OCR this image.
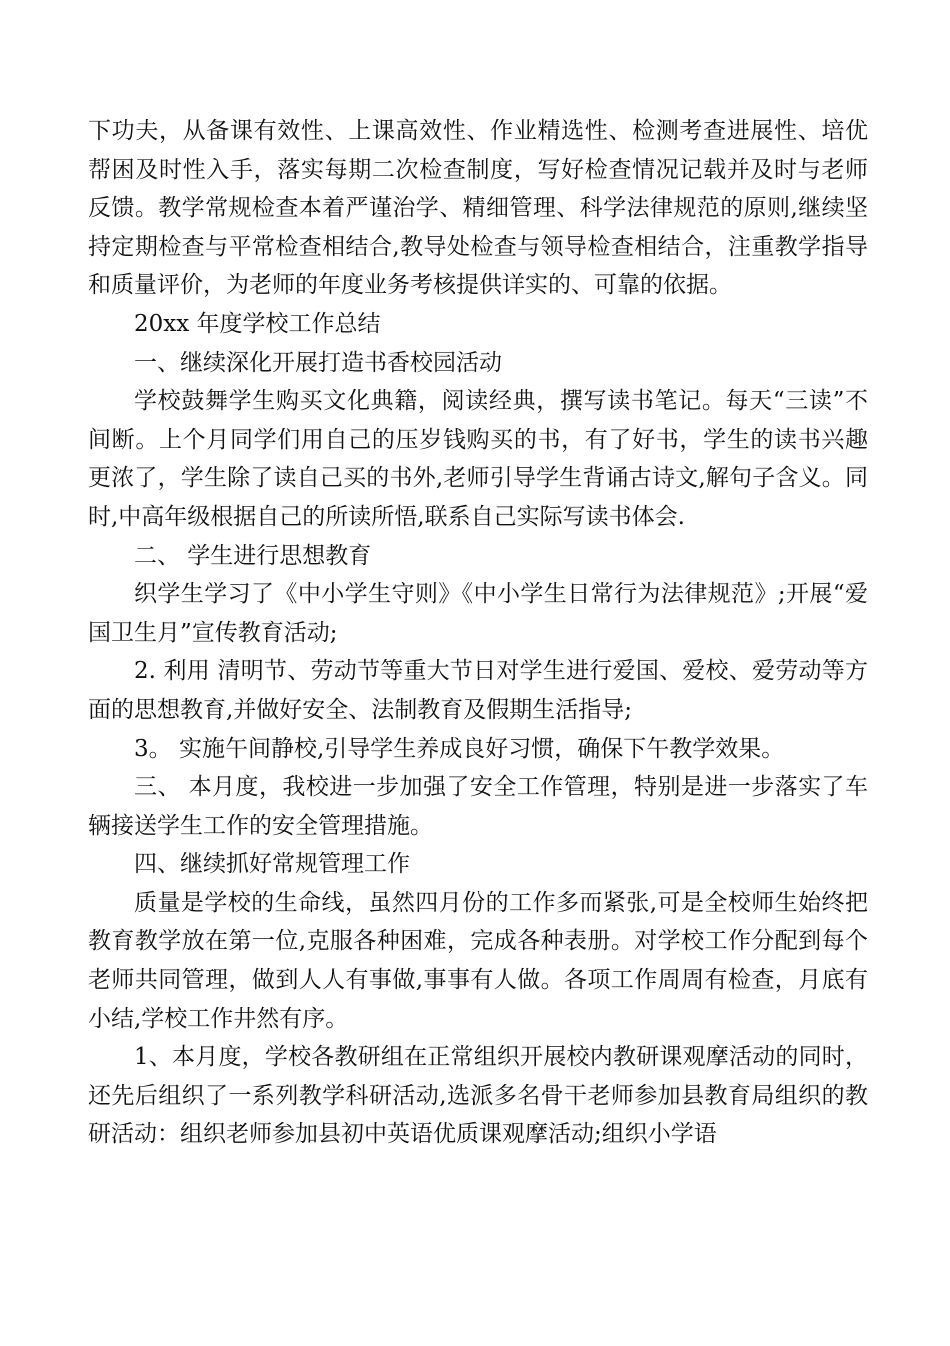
下功夫，从备课有效性、上课高效性、作业精选性、检测考查进展性、培优帮困及时性入手，落实每期二次检查制度，写好检查情况记载并及时与老师反馈。教学常规检查本着严谨治学、精细管理、科学法律规范的原则,继续坚持定期检查与平常检查相结合,教导处检查与领导检查相结合，注重教学指导和质量评价，为老师的年度业务考核提供详实的、可靠的依据。

20xx 年度学校工作总结

一、继续深化开展打造书香校园活动

学校鼓舞学生购买文化典籍，阅读经典，撰写读书笔记。每天“三读”不间断。上个月同学们用自己的压岁钱购买的书，有了好书，学生的读书兴趣更浓了，学生除了读自己买的书外,老师引导学生背诵古诗文,解句子含义。同时,中高年级根据自己的所读所悟,联系自己实际写读书体会.

二、 学生进行思想教育

织学生学习了《中小学生守则》《中小学生日常行为法律规范》;开展“爱国卫生月”宣传教育活动;

2. 利用 清明节、劳动节等重大节日对学生进行爱国、爱校、爱劳动等方面的思想教育,并做好安全、法制教育及假期生活指导;

3。 实施午间静校,引导学生养成良好习惯，确保下午教学效果。

三、 本月度，我校进一步加强了安全工作管理，特别是进一步落实了车辆接送学生工作的安全管理措施。

四、继续抓好常规管理工作

质量是学校的生命线，虽然四月份的工作多而紧张,可是全校师生始终把教育教学放在第一位,克服各种困难，完成各种表册。对学校工作分配到每个老师共同管理，做到人人有事做,事事有人做。各项工作周周有检查，月底有小结,学校工作井然有序。

1、本月度，学校各教研组在正常组织开展校内教研课观摩活动的同时，还先后组织了一系列教学科研活动,选派多名骨干老师参加县教育局组织的教研活动：组织老师参加县初中英语优质课观摩活动;组织小学语
